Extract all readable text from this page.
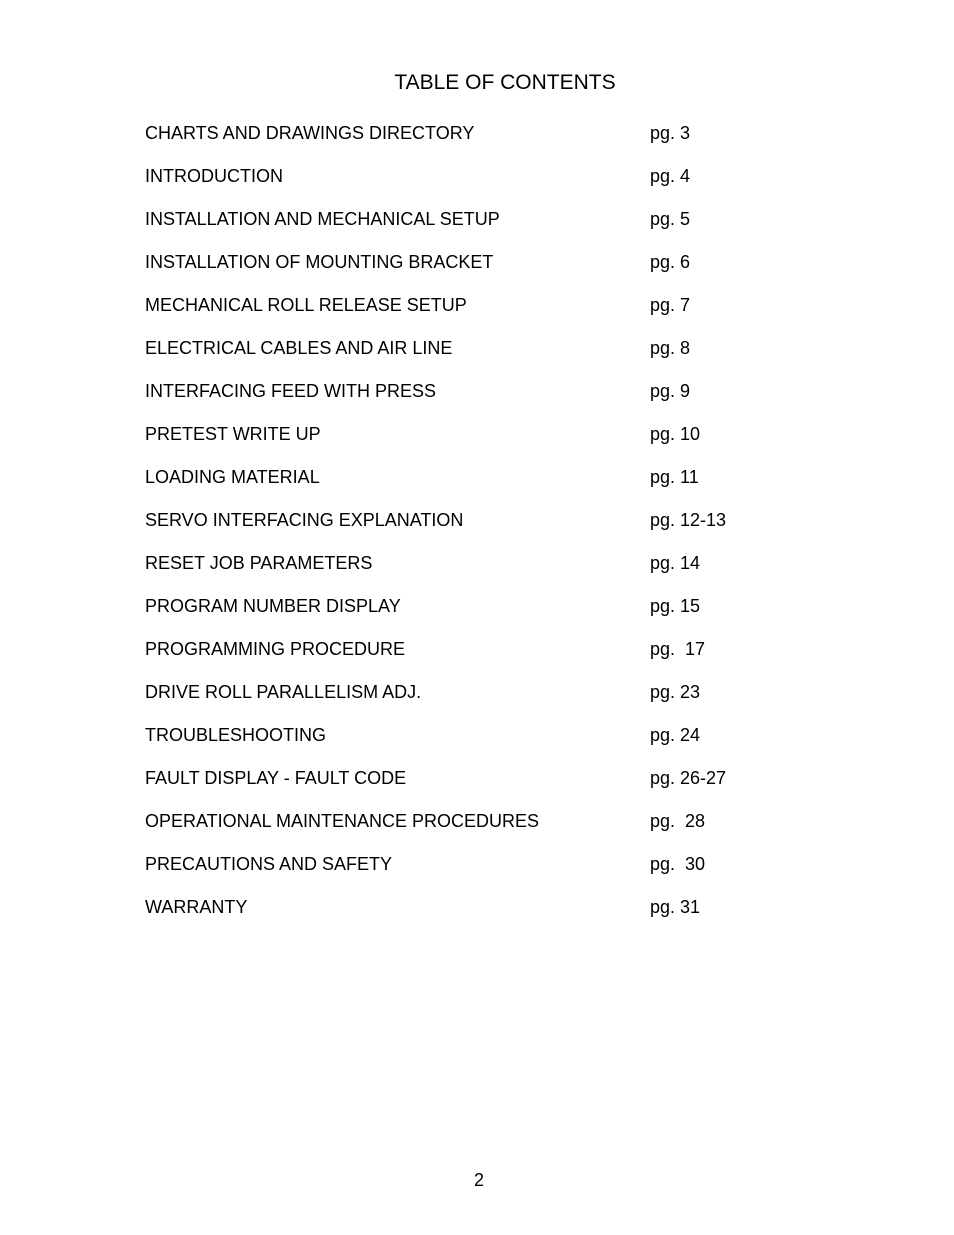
TABLE OF CONTENTS
CHARTS AND DRAWINGS DIRECTORY	pg. 3
INTRODUCTION	pg. 4
INSTALLATION AND MECHANICAL SETUP	pg. 5
INSTALLATION OF MOUNTING BRACKET	pg. 6
MECHANICAL ROLL RELEASE SETUP	pg. 7
ELECTRICAL CABLES AND AIR LINE	pg. 8
INTERFACING FEED WITH PRESS	pg. 9
PRETEST WRITE UP	pg. 10
LOADING MATERIAL	pg. 11
SERVO INTERFACING EXPLANATION	pg. 12-13
RESET JOB PARAMETERS	pg. 14
PROGRAM NUMBER DISPLAY	pg. 15
PROGRAMMING PROCEDURE	pg.  17
DRIVE ROLL PARALLELISM ADJ.	pg. 23
TROUBLESHOOTING	pg. 24
FAULT DISPLAY - FAULT CODE	pg. 26-27
OPERATIONAL MAINTENANCE PROCEDURES	pg.  28
PRECAUTIONS AND SAFETY	pg.  30
WARRANTY	pg. 31
2
